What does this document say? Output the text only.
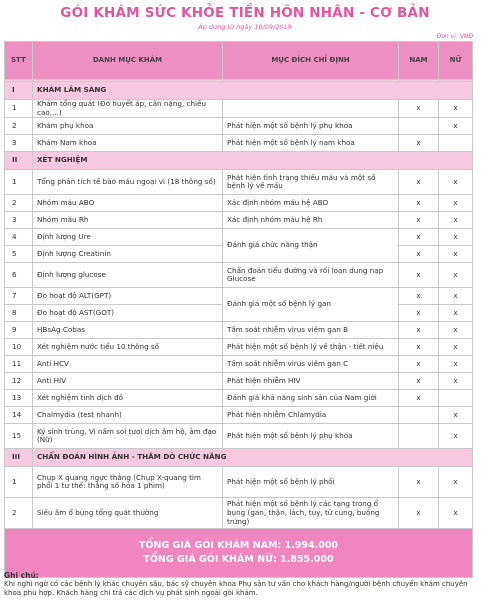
GÓI KHÁM SỨC KHỎE TIỀN HÔN NHÂN - CƠ BẢN
Áp dụng từ ngày 18/09/2019
Đơn vị: VNĐ
STT	DANH MỤC KHÁM	MỤC ĐÍCH CHỈ ĐỊNH	NAM	NỮ

I	KHÁM LÂM SÀNG			
1	Khám tổng quát (Đo huyết áp, cân nặng, chiều cao,...)		x	x
2	Khám phụ khoa	Phát hiện một số bệnh lý phụ khoa		x
3	Khám Nam khoa	Phát hiện một số bệnh lý nam khoa	x	
II	XÉT NGHIỆM			
1	Tổng phân tích tế bào máu ngoại vi (18 thông số)	Phát hiện tình trạng thiếu máu và một số bệnh lý về máu	x	x
2	Nhóm máu ABO	Xác định nhóm máu hệ ABO	x	x
3	Nhóm máu Rh	Xác định nhóm máu hệ Rh	x	x
4	Định lượng Ure	Đánh giá chức năng thận	x	x
5	Định lượng Creatinin		x	x
6	Định lượng glucose	Chẩn đoán tiểu đường và rối loạn dung nạp Glucose	x	x
7	Đo hoạt độ ALT(GPT)	Đánh giá một số bệnh lý gan	x	x
8	Đo hoạt độ AST(GOT)		x	x
9	HBsAg Cobas	Tầm soát nhiễm virus viêm gan B	x	x
10	Xét nghiệm nước tiểu 10 thông số	Phát hiện một số bệnh lý về thận - tiết niệu	x	x
11	Anti HCV	Tầm soát nhiễm virus viêm gan C	x	x
12	Anti HIV	Phát hiện nhiễm HIV	x	x
13	Xét nghiệm tinh dịch đồ	Đánh giá khả năng sinh sản của Nam giới	x	
14	Chalmydia (test nhanh)	Phát hiện nhiễm Chlamydia		x
15	Ký sinh trùng, Vi nấm soi tươi dịch âm hộ, âm đạo (Nữ)	Phát hiện một số bệnh lý phụ khoa		x
III	CHẨN ĐOÁN HÌNH ẢNH - THĂM DÒ CHỨC NĂNG			
1	Chụp X quang ngực thẳng (Chụp X-quang tim phổi 1 tư thế: thẳng số hóa 1 phim)	Phát hiện một số bệnh lý phổi	x	x
2	Siêu âm ổ bụng tổng quát thường	Phát hiện một số bệnh lý các tạng trong ổ bụng (gan, thận, lách, tụy, tử cung, buồng trứng)	x	x

TỔNG GIÁ GÓI KHÁM NAM: 1.994.000
TỔNG GIÁ GÓI KHÁM NỮ: 1.855.000				
Ghi chú:
Khi nghi ngờ có các bệnh lý khác chuyên sâu, bác sỹ chuyên khoa Phụ sản tư vấn cho khách hàng/người bệnh chuyển khám chuyên khoa phù hợp. Khách hàng chi trả các dịch vụ phát sinh ngoài gói khám.
